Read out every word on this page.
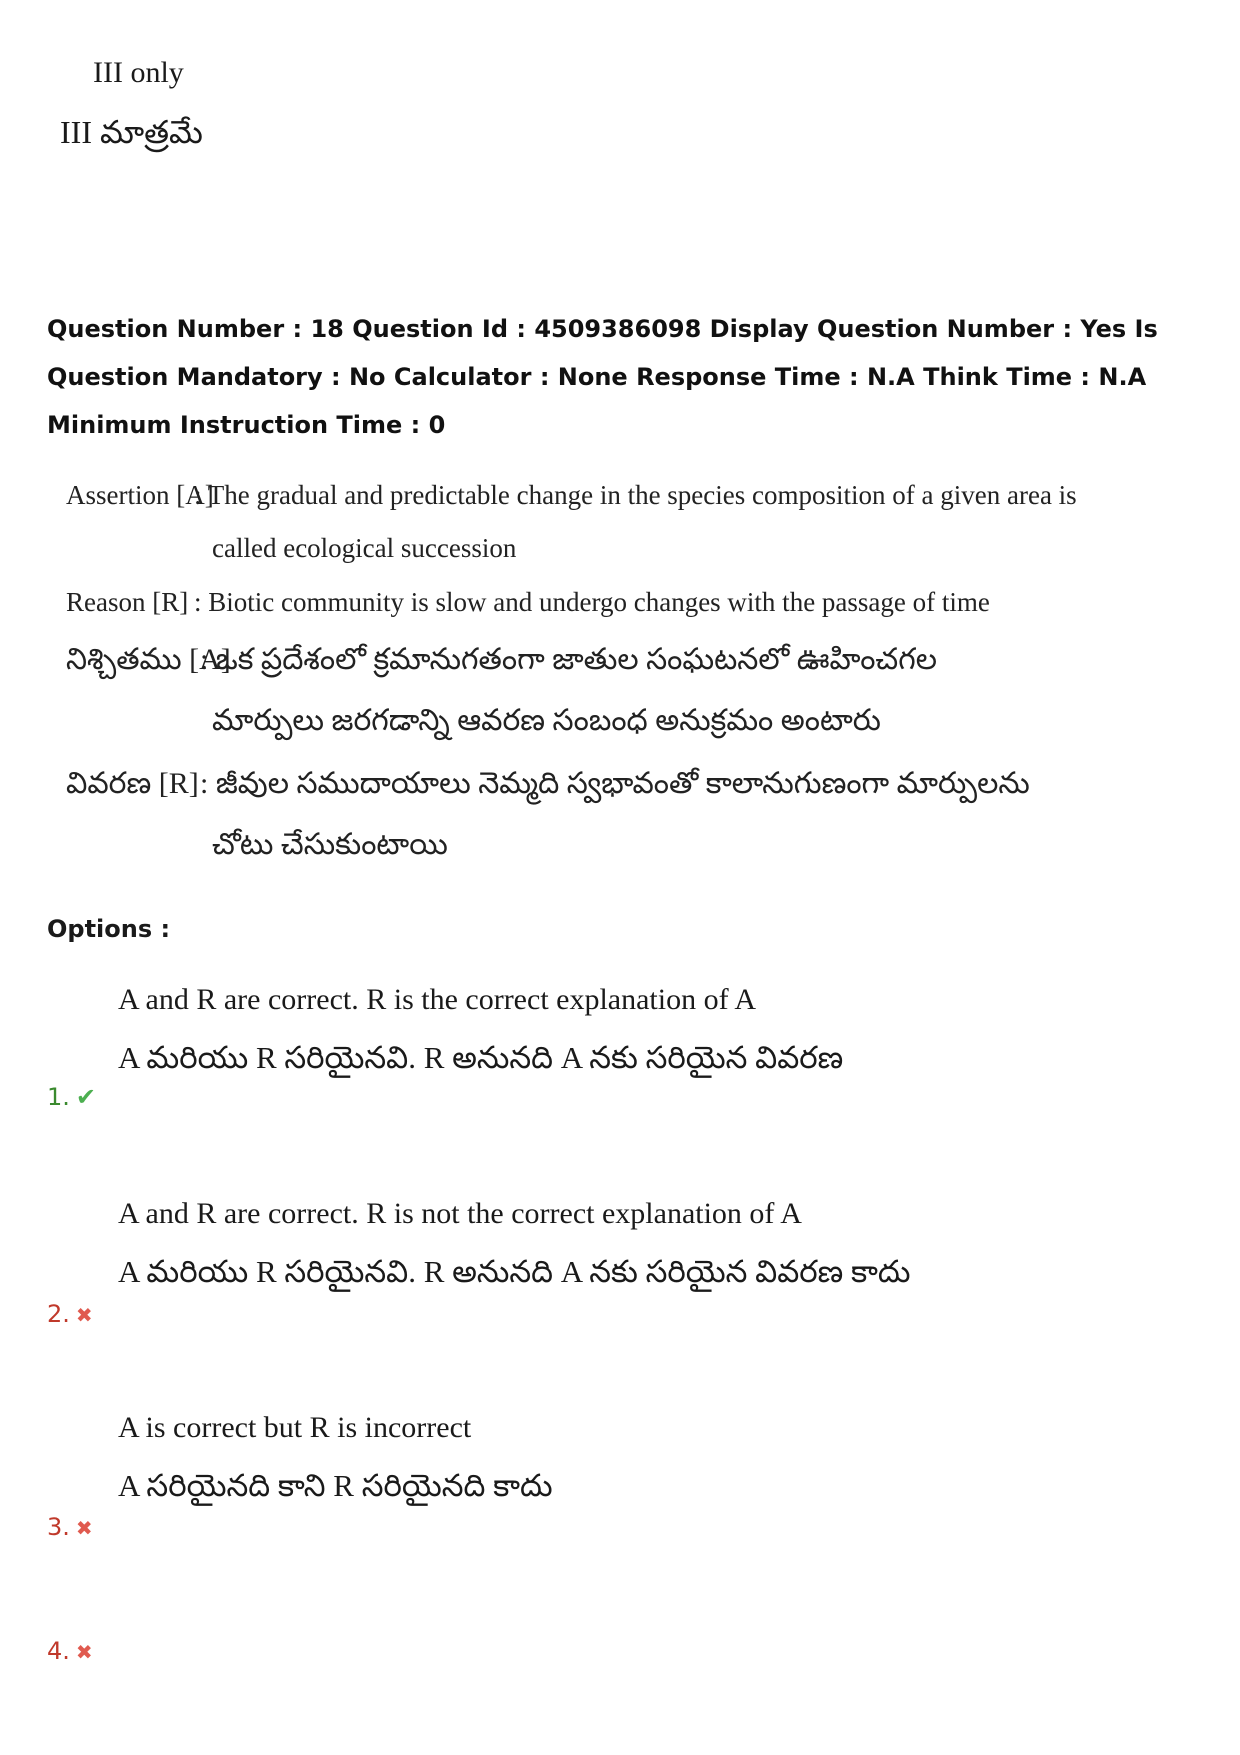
III only
III మాత్రమే
Question Number : 18 Question Id : 4509386098 Display Question Number : Yes Is Question Mandatory : No Calculator : None Response Time : N.A Think Time : N.A Minimum Instruction Time : 0
Assertion [A]
: The gradual and predictable change in the species composition of a given area is
called ecological succession
Reason [R] : Biotic community is slow and undergo changes with the passage of time
నిశ్చితము [A]
: ఒక ప్రదేశంలో క్రమానుగతంగా జాతుల సంఘటనలో ఊహించగల
మార్పులు జరగడాన్ని ఆవరణ సంబంధ అనుక్రమం అంటారు
వివరణ [R] : జీవుల సముదాయాలు నెమ్మది స్వభావంతో కాలానుగుణంగా మార్పులను
చోటు చేసుకుంటాయి
Options :
A and R are correct. R is the correct explanation of A
A మరియు R సరియైనవి. R అనునది A నకు సరియైన వివరణ
1. ✔
A and R are correct. R is not the correct explanation of A
A మరియు R సరియైనవి. R అనునది A నకు సరియైన వివరణ కాదు
2. ✖
A is correct but R is incorrect
A సరియైనది కాని R సరియైనది కాదు
3. ✖
4. ✖
